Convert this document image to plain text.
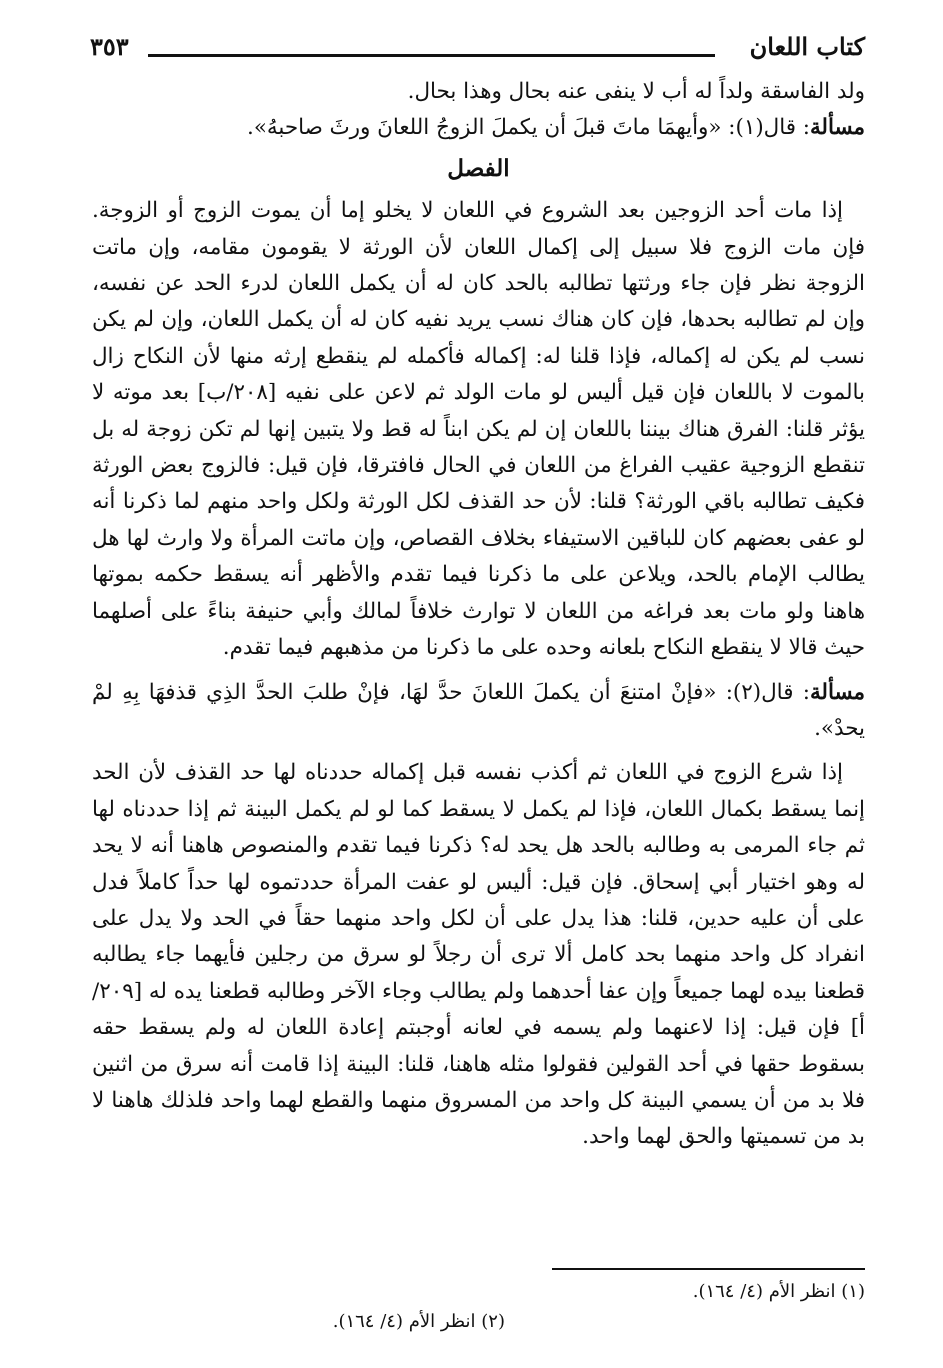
كتاب اللعان
٣٥٣

ولد الفاسقة ولداً له أب لا ينفى عنه بحال وهذا بحال.

مسألة: قال(١): «وأيهمَا ماتَ قبلَ أن يكملَ الزوجُ اللعانَ ورثَ صاحبهُ».

الفصل

إذا مات أحد الزوجين بعد الشروع في اللعان لا يخلو إما أن يموت الزوج أو الزوجة. فإن مات الزوج فلا سبيل إلى إكمال اللعان لأن الورثة لا يقومون مقامه، وإن ماتت الزوجة نظر فإن جاء ورثتها تطالبه بالحد كان له أن يكمل اللعان لدرء الحد عن نفسه، وإن لم تطالبه بحدها، فإن كان هناك نسب يريد نفيه كان له أن يكمل اللعان، وإن لم يكن نسب لم يكن له إكماله، فإذا قلنا له: إكماله فأكمله لم ينقطع إرثه منها لأن النكاح زال بالموت لا باللعان فإن قيل أليس لو مات الولد ثم لاعن على نفيه [٢٠٨/ب] بعد موته لا يؤثر قلنا: الفرق هناك بيننا باللعان إن لم يكن ابناً له قط ولا يتبين إنها لم تكن زوجة له بل تنقطع الزوجية عقيب الفراغ من اللعان في الحال فافترقا، فإن قيل: فالزوج بعض الورثة فكيف تطالبه باقي الورثة؟ قلنا: لأن حد القذف لكل الورثة ولكل واحد منهم لما ذكرنا أنه لو عفى بعضهم كان للباقين الاستيفاء بخلاف القصاص، وإن ماتت المرأة ولا وارث لها هل يطالب الإمام بالحد، ويلاعن على ما ذكرنا فيما تقدم والأظهر أنه يسقط حكمه بموتها هاهنا ولو مات بعد فراغه من اللعان لا توارث خلافاً لمالك وأبي حنيفة بناءً على أصلهما حيث قالا لا ينقطع النكاح بلعانه وحده على ما ذكرنا من مذهبهم فيما تقدم.

مسألة: قال(٢): «فإنْ امتنعَ أن يكملَ اللعانَ حدَّ لهَا، فإنْ طلبَ الحدَّ الذِي قذفهَا بِهِ لمْ يحدْ».

إذا شرع الزوج في اللعان ثم أكذب نفسه قبل إكماله حددناه لها حد القذف لأن الحد إنما يسقط بكمال اللعان، فإذا لم يكمل لا يسقط كما لو لم يكمل البينة ثم إذا حددناه لها ثم جاء المرمى به وطالبه بالحد هل يحد له؟ ذكرنا فيما تقدم والمنصوص هاهنا أنه لا يحد له وهو اختيار أبي إسحاق. فإن قيل: أليس لو عفت المرأة حددتموه لها حداً كاملاً فدل على أن عليه حدين، قلنا: هذا يدل على أن لكل واحد منهما حقاً في الحد ولا يدل على انفراد كل واحد منهما بحد كامل ألا ترى أن رجلاً لو سرق من رجلين فأيهما جاء يطالبه قطعنا بيده لهما جميعاً وإن عفا أحدهما ولم يطالب وجاء الآخر وطالبه قطعنا يده له [٢٠٩/أ] فإن قيل: إذا لاعنهما ولم يسمه في لعانه أوجبتم إعادة اللعان له ولم يسقط حقه بسقوط حقها في أحد القولين فقولوا مثله هاهنا، قلنا: البينة إذا قامت أنه سرق من اثنين فلا بد من أن يسمي البينة كل واحد من المسروق منهما والقطع لهما واحد فلذلك هاهنا لا بد من تسميتها والحق لهما واحد.

(١) انظر الأم (٤/ ١٦٤).
(٢) انظر الأم (٤/ ١٦٤).
